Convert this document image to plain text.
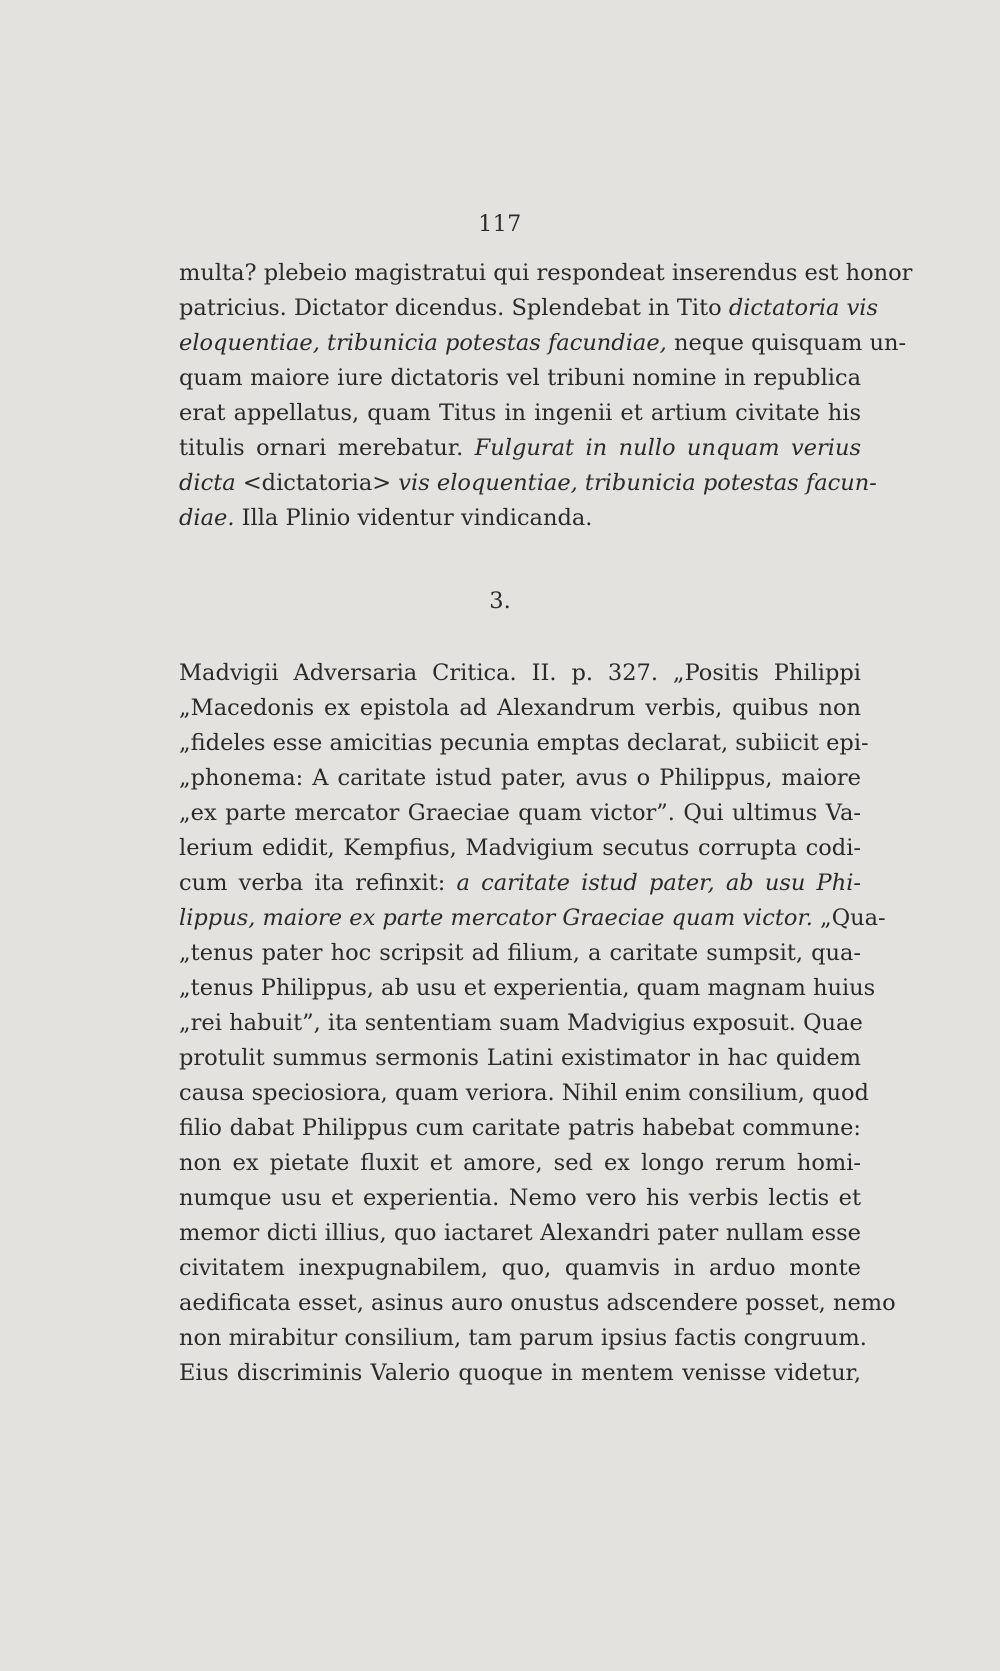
117
multa? plebeio magistratui qui respondeat inserendus est honor
patricius. Dictator dicendus. Splendebat in Tito dictatoria vis
eloquentiae, tribunicia potestas facundiae, neque quisquam un-
quam maiore iure dictatoris vel tribuni nomine in republica
erat appellatus, quam Titus in ingenii et artium civitate his
titulis ornari merebatur. Fulgurat in nullo unquam verius
dicta <dictatoria> vis eloquentiae, tribunicia potestas facun-
diae. Illa Plinio videntur vindicanda.
3.
Madvigii Adversaria Critica. II. p. 327. „Positis Philippi
„Macedonis ex epistola ad Alexandrum verbis, quibus non
„fideles esse amicitias pecunia emptas declarat, subiicit epi-
„phonema: A caritate istud pater, avus o Philippus, maiore
„ex parte mercator Graeciae quam victor”. Qui ultimus Va-
lerium edidit, Kempfius, Madvigium secutus corrupta codi-
cum verba ita refinxit: a caritate istud pater, ab usu Phi-
lippus, maiore ex parte mercator Graeciae quam victor. „Qua-
„tenus pater hoc scripsit ad filium, a caritate sumpsit, qua-
„tenus Philippus, ab usu et experientia, quam magnam huius
„rei habuit”, ita sententiam suam Madvigius exposuit. Quae
protulit summus sermonis Latini existimator in hac quidem
causa speciosiora, quam veriora. Nihil enim consilium, quod
filio dabat Philippus cum caritate patris habebat commune:
non ex pietate fluxit et amore, sed ex longo rerum homi-
numque usu et experientia. Nemo vero his verbis lectis et
memor dicti illius, quo iactaret Alexandri pater nullam esse
civitatem inexpugnabilem, quo, quamvis in arduo monte
aedificata esset, asinus auro onustus adscendere posset, nemo
non mirabitur consilium, tam parum ipsius factis congruum.
Eius discriminis Valerio quoque in mentem venisse videtur,
